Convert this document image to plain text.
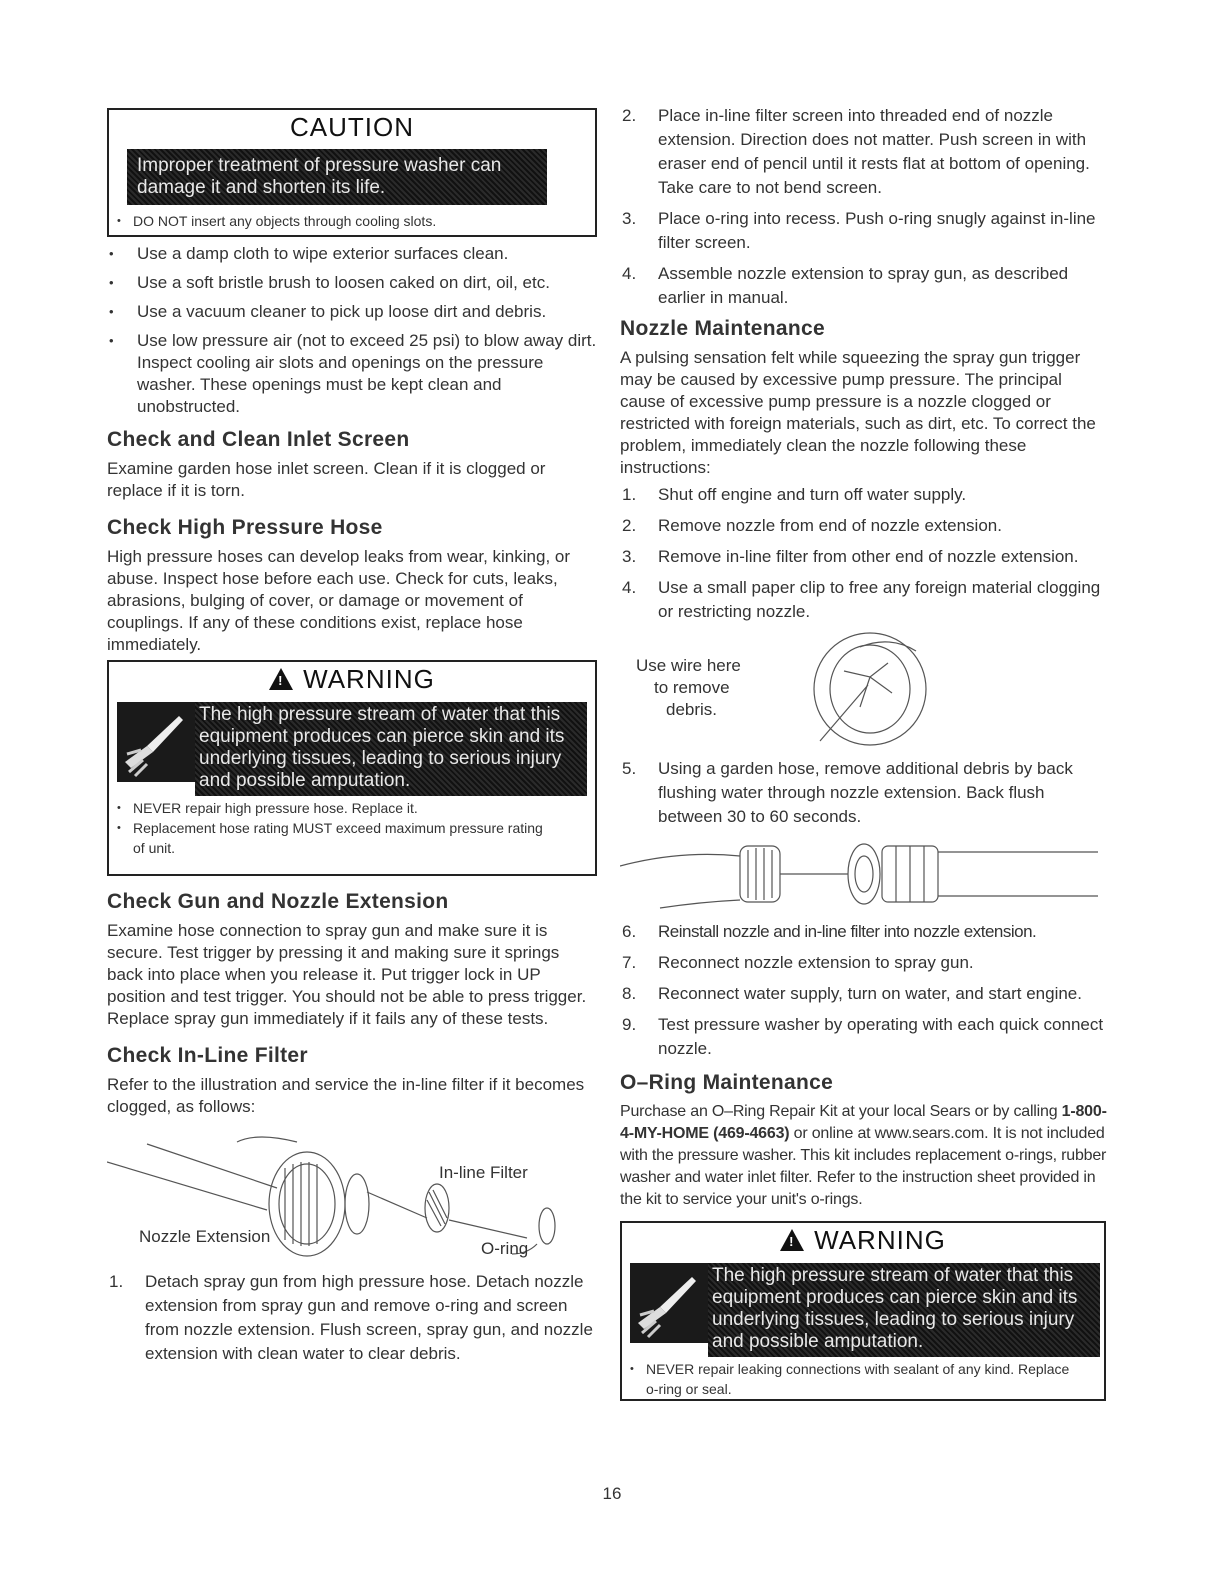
CAUTION
Improper treatment of pressure washer can damage it and shorten its life.
• DO NOT insert any objects through cooling slots.
• Use a damp cloth to wipe exterior surfaces clean.
• Use a soft bristle brush to loosen caked on dirt, oil, etc.
• Use a vacuum cleaner to pick up loose dirt and debris.
• Use low pressure air (not to exceed 25 psi) to blow away dirt. Inspect cooling air slots and openings on the pressure washer. These openings must be kept clean and unobstructed.
Check and Clean Inlet Screen

Examine garden hose inlet screen. Clean if it is clogged or replace if it is torn.

Check High Pressure Hose

High pressure hoses can develop leaks from wear, kinking, or abuse. Inspect hose before each use. Check for cuts, leaks, abrasions, bulging of cover, or damage or movement of couplings. If any of these conditions exist, replace hose immediately.

!WARNING
The high pressure stream of water that this equipment produces can pierce skin and its underlying tissues, leading to serious injury and possible amputation.
• NEVER repair high pressure hose. Replace it.
• Replacement hose rating MUST exceed maximum pressure rating of unit.
Check Gun and Nozzle Extension

Examine hose connection to spray gun and make sure it is secure. Test trigger by pressing it and making sure it springs back into place when you release it. Put trigger lock in UP position and test trigger. You should not be able to press trigger. Replace spray gun immediately if it fails any of these tests.

Check In-Line Filter

Refer to the illustration and service the in-line filter if it becomes clogged, as follows:

In-line Filter
Nozzle Extension
O-ring
1. Detach spray gun from high pressure hose. Detach nozzle extension from spray gun and remove o-ring and screen from nozzle extension. Flush screen, spray gun, and nozzle extension with clean water to clear debris.
2. Place in-line filter screen into threaded end of nozzle extension. Direction does not matter. Push screen in with eraser end of pencil until it rests flat at bottom of opening. Take care to not bend screen.
3. Place o-ring into recess. Push o-ring snugly against in-line filter screen.
4. Assemble nozzle extension to spray gun, as described earlier in manual.
Nozzle Maintenance

A pulsing sensation felt while squeezing the spray gun trigger may be caused by excessive pump pressure. The principal cause of excessive pump pressure is a nozzle clogged or restricted with foreign materials, such as dirt, etc. To correct the problem, immediately clean the nozzle following these instructions:

1. Shut off engine and turn off water supply.
2. Remove nozzle from end of nozzle extension.
3. Remove in-line filter from other end of nozzle extension.
4. Use a small paper clip to free any foreign material clogging or restricting nozzle.
Use wire here
to remove
debris.
5. Using a garden hose, remove additional debris by back flushing water through nozzle extension. Back flush between 30 to 60 seconds.
6. Reinstall nozzle and in-line filter into nozzle extension.
7. Reconnect nozzle extension to spray gun.
8. Reconnect water supply, turn on water, and start engine.
9. Test pressure washer by operating with each quick connect nozzle.
O–Ring Maintenance

Purchase an O–Ring Repair Kit at your local Sears or by calling 1-800-4-MY-HOME (469-4663) or online at www.sears.com. It is not included with the pressure washer. This kit includes replacement o-rings, rubber washer and water inlet filter. Refer to the instruction sheet provided in the kit to service your unit's o-rings.

!WARNING
The high pressure stream of water that this equipment produces can pierce skin and its underlying tissues, leading to serious injury and possible amputation.
• NEVER repair leaking connections with sealant of any kind. Replace o-ring or seal.
16
